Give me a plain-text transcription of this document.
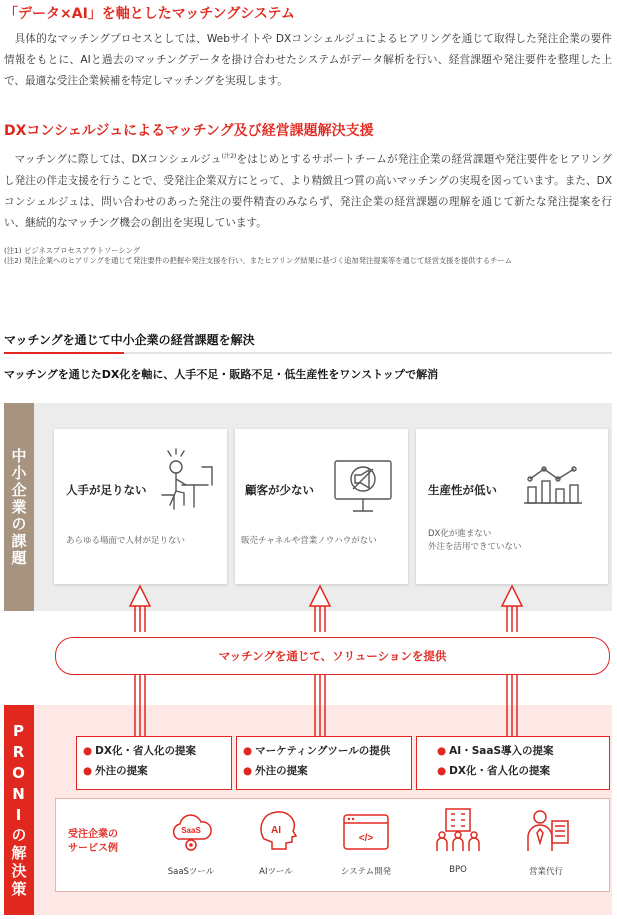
「データ×AI」を軸としたマッチングシステム

具体的なマッチングプロセスとしては、Webサイトや DXコンシェルジュによるヒアリングを通じて取得した発注企業の要件情報をもとに、AIと過去のマッチングデータを掛け合わせたシステムがデータ解析を行い、経営課題や発注要件を整理した上で、最適な受注企業候補を特定しマッチングを実現します。

DXコンシェルジュによるマッチング及び経営課題解決支援

マッチングに際しては、DXコンシェルジュ$^{(注2)}$をはじめとするサポートチームが発注企業の経営課題や発注要件をヒアリングし発注の伴走支援を行うことで、受発注企業双方にとって、より精緻且つ質の高いマッチングの実現を図っています。また、DXコンシェルジュは、問い合わせのあった発注の要件精査のみならず、発注企業の経営課題の理解を通じて新たな発注提案を行い、継続的なマッチング機会の創出を実現しています。

(注1) ビジネスプロセスアウトソーシング
(注2) 発注企業へのヒアリングを通じて発注要件の把握や発注支援を行い、またヒアリング結果に基づく追加発注提案等を通じて経営支援を提供するチーム
マッチングを通じて中小企業の経営課題を解決
マッチングを通じたDX化を軸に、人手不足・販路不足・低生産性をワンストップで解消
中小企業の課題	人手が足りない
あらゆる場面で人材が足りない
顧客が少ない
販売チャネルや営業ノウハウがない
生産性が低い
DX化が進まない
外注を活用できていない
PRONIの解決策
マッチングを通じて、ソリューションを提供
● DX化・省人化の提案
● 外注の提案
● マーケティングツールの提供
● 外注の提案
● AI・SaaS導入の提案
● DX化・省人化の提案
受注企業の
サービス例
SaaS
SaaSツール
AI
AIツール
</>
システム開発	BPO	営業代行
